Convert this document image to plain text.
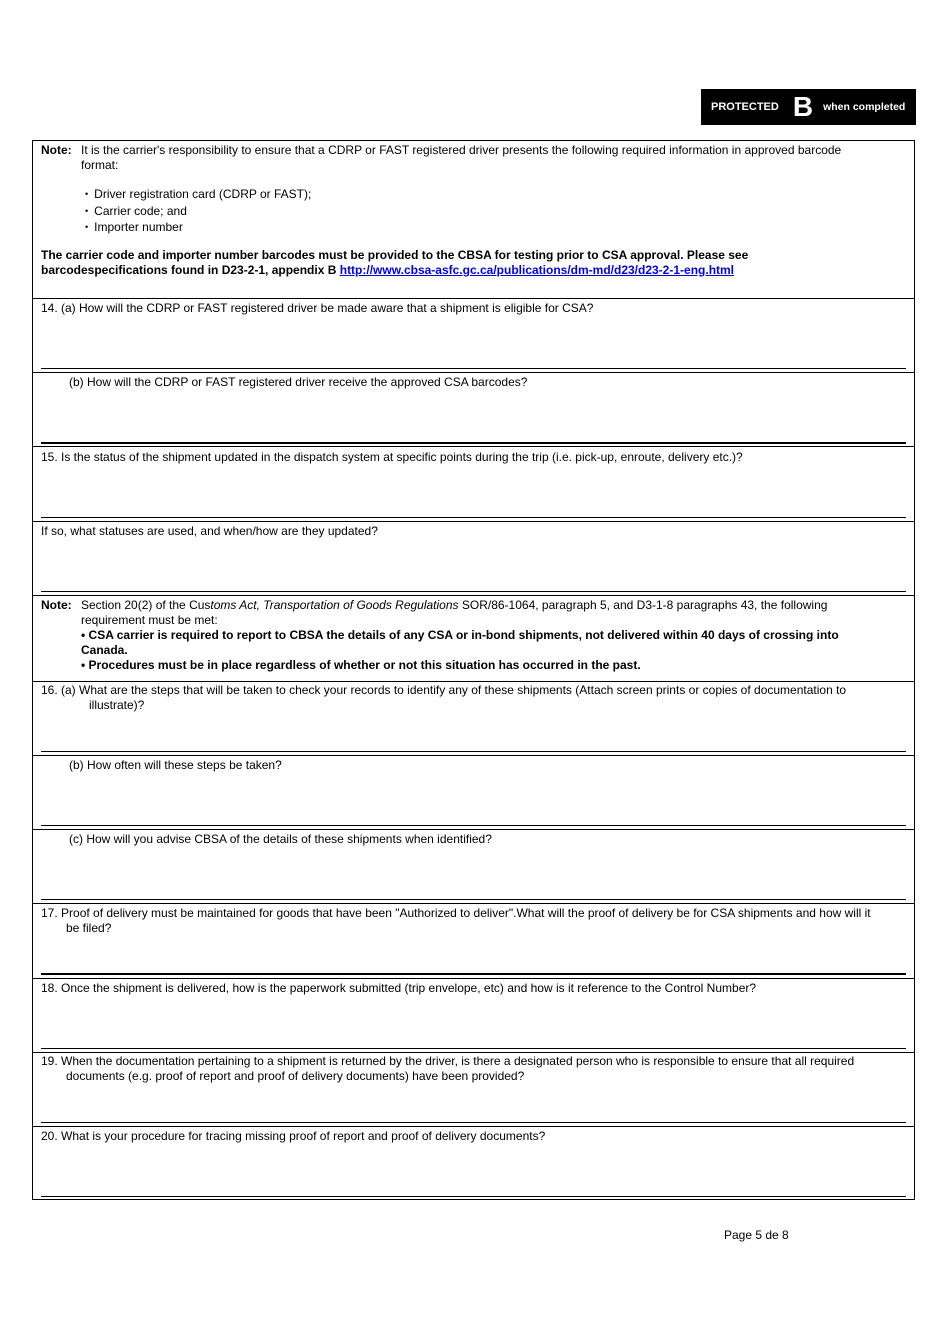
PROTECTED B when completed
Note: It is the carrier's responsibility to ensure that a CDRP or FAST registered driver presents the following required information in approved barcode
format:
• Driver registration card (CDRP or FAST);
• Carrier code; and
• Importer number
The carrier code and importer number barcodes must be provided to the CBSA for testing prior to CSA approval. Please see
barcodespecifications found in D23-2-1, appendix B http://www.cbsa-asfc.gc.ca/publications/dm-md/d23/d23-2-1-eng.html
14. (a) How will the CDRP or FAST registered driver be made aware that a shipment is eligible for CSA?
(b) How will the CDRP or FAST registered driver receive the approved CSA barcodes?
15. Is the status of the shipment updated in the dispatch system at specific points during the trip (i.e. pick-up, enroute, delivery etc.)?
If so, what statuses are used, and when/how are they updated?
Note: Section 20(2) of the Customs Act, Transportation of Goods Regulations SOR/86-1064, paragraph 5, and D3-1-8 paragraphs 43, the following
requirement must be met:
• CSA carrier is required to report to CBSA the details of any CSA or in-bond shipments, not delivered within 40 days of crossing into
Canada.
• Procedures must be in place regardless of whether or not this situation has occurred in the past.
16. (a) What are the steps that will be taken to check your records to identify any of these shipments (Attach screen prints or copies of documentation to
illustrate)?
(b) How often will these steps be taken?
(c) How will you advise CBSA of the details of these shipments when identified?
17. Proof of delivery must be maintained for goods that have been "Authorized to deliver".What will the proof of delivery be for CSA shipments and how will it
be filed?
18. Once the shipment is delivered, how is the paperwork submitted (trip envelope, etc) and how is it reference to the Control Number?
19. When the documentation pertaining to a shipment is returned by the driver, is there a designated person who is responsible to ensure that all required
documents (e.g. proof of report and proof of delivery documents) have been provided?
20. What is your procedure for tracing missing proof of report and proof of delivery documents?
Page 5 de 8
